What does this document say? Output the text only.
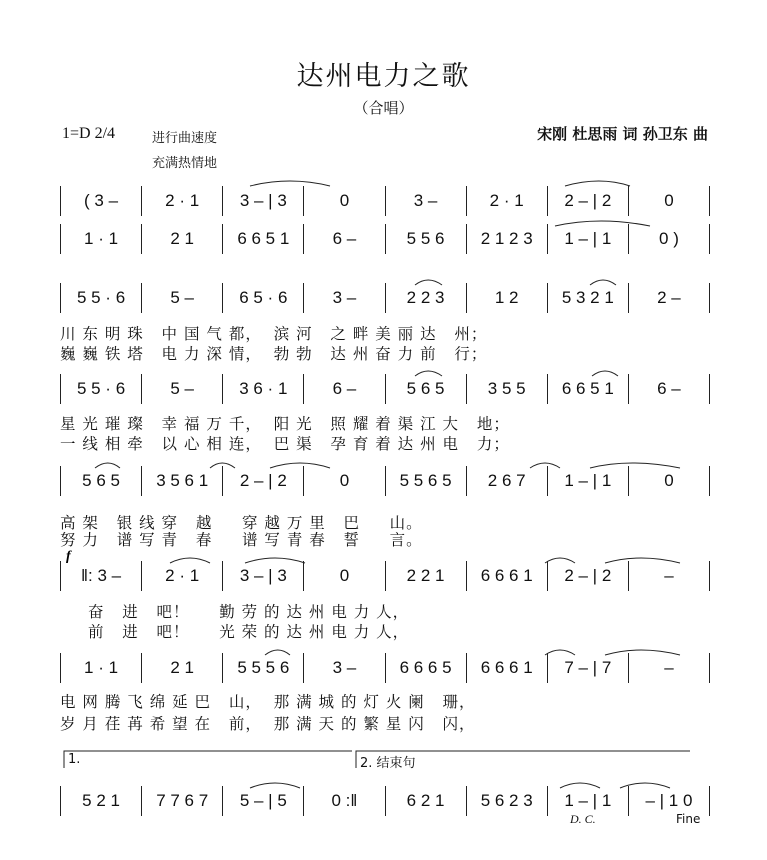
达州电力之歌
（合唱）
1=D 2/4	进行曲速度
充满热情地
宋刚 杜思雨 词 孙卫东 曲
( 3 –	2 · 1	3 – | 3	0	3 –	2 · 1	2 – | 2	0
1 · 1	2 1	6 6 5 1	6 –	5 5 6	2 1 2 3	1 – | 1	0 )
5 5 · 6	5 –	6 5 · 6	3 –	2 2 3	1 2	5 3 2 1	2 –
5 5 · 6	5 –	3 6 · 1	6 –	5 6 5	3 5 5	6 6 5 1	6 –
5 6 5	3 5 6 1	2 – | 2	0	5 5 6 5	2 6 7	1 – | 1	0
‖: 3 –	2 · 1	3 – | 3	0	2 2 1	6 6 6 1	2 – | 2	–
1 · 1	2 1	5 5 5 6	3 –	6 6 6 5	6 6 6 1	7 – | 7	–
5 2 1	7 7 6 7	5 – | 5	0 :‖	6 2 1	5 6 2 3	1 – | 1	– | 1 0
川 东 明 珠   中 国 气 都，  滨 河   之 畔 美 丽 达   州；
巍 巍 铁 塔   电 力 深 情，  勃 勃   达 州 奋 力 前   行；
星 光 璀 璨   幸 福 万 千，  阳 光   照 耀 着 渠 江 大   地；
一 线 相 牵   以 心 相 连，  巴 渠   孕 育 着 达 州 电   力；
高 架   银 线 穿   越     穿 越 万 里   巴     山。
努 力   谱 写 青   春     谱 写 青 春   誓     言。
奋   进   吧！     勤 劳 的 达 州 电 力 人，
前   进   吧！     光 荣 的 达 州 电 力 人，
电 网 腾 飞 绵 延 巴   山，  那 满 城 的 灯 火 阑   珊，
岁 月 荏 苒 希 望 在   前，  那 满 天 的 繁 星 闪   闪，
1.	2. 结束句
D. C.	Fine
f
